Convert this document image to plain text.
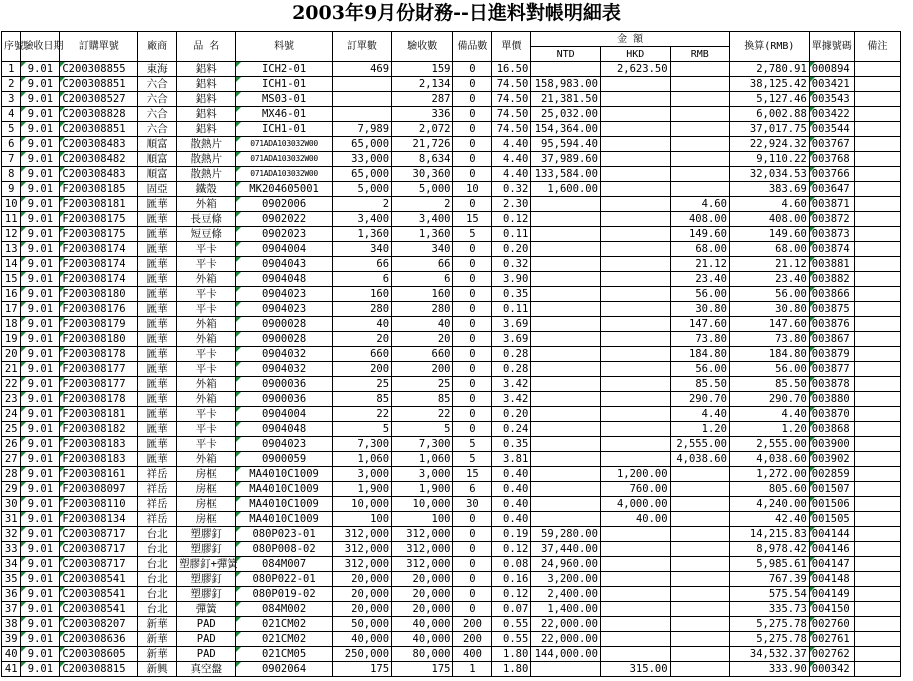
2003年9月份財務--日進料對帳明細表
序號	驗收日期	訂購單號	廠商	品 名	料號	訂單數	驗收數	備品數	單價	金 額			換算(RMB)	單據號碼	備注
										NTD	HKD	RMB			
1	9.01	C200308855	東海	鋁料	ICH2-01	469	159	0	16.50		2,623.50		2,780.91	000894	
2	9.01	C200308851	六合	鋁料	ICH1-01		2,134	0	74.50	158,983.00			38,125.42	003421	
3	9.01	C200308527	六合	鋁料	MS03-01		287	0	74.50	21,381.50			5,127.46	003543	
4	9.01	C200308828	六合	鋁料	MX46-01		336	0	74.50	25,032.00			6,002.88	003422	
5	9.01	C200308851	六合	鋁料	ICH1-01	7,989	2,072	0	74.50	154,364.00			37,017.75	003544	
6	9.01	C200308483	順富	散熱片	071ADA103032W00	65,000	21,726	0	4.40	95,594.40			22,924.32	003767	
7	9.01	C200308482	順富	散熱片	071ADA103032W00	33,000	8,634	0	4.40	37,989.60			9,110.22	003768	
8	9.01	C200308483	順富	散熱片	071ADA103032W00	65,000	30,360	0	4.40	133,584.00			32,034.53	003766	
9	9.01	F200308185	固亞	鐵殼	MK204605001	5,000	5,000	10	0.32	1,600.00			383.69	003647	
10	9.01	F200308181	匯華	外箱	0902006	2	2	0	2.30			4.60	4.60	003871	
11	9.01	F200308175	匯華	長豆條	0902022	3,400	3,400	15	0.12			408.00	408.00	003872	
12	9.01	F200308175	匯華	短豆條	0902023	1,360	1,360	5	0.11			149.60	149.60	003873	
13	9.01	F200308174	匯華	平卡	0904004	340	340	0	0.20			68.00	68.00	003874	
14	9.01	F200308174	匯華	平卡	0904043	66	66	0	0.32			21.12	21.12	003881	
15	9.01	F200308174	匯華	外箱	0904048	6	6	0	3.90			23.40	23.40	003882	
16	9.01	F200308180	匯華	平卡	0904023	160	160	0	0.35			56.00	56.00	003866	
17	9.01	F200308176	匯華	平卡	0904023	280	280	0	0.11			30.80	30.80	003875	
18	9.01	F200308179	匯華	外箱	0900028	40	40	0	3.69			147.60	147.60	003876	
19	9.01	F200308180	匯華	外箱	0900028	20	20	0	3.69			73.80	73.80	003867	
20	9.01	F200308178	匯華	平卡	0904032	660	660	0	0.28			184.80	184.80	003879	
21	9.01	F200308177	匯華	平卡	0904032	200	200	0	0.28			56.00	56.00	003877	
22	9.01	F200308177	匯華	外箱	0900036	25	25	0	3.42			85.50	85.50	003878	
23	9.01	F200308178	匯華	外箱	0900036	85	85	0	3.42			290.70	290.70	003880	
24	9.01	F200308181	匯華	平卡	0904004	22	22	0	0.20			4.40	4.40	003870	
25	9.01	F200308182	匯華	平卡	0904048	5	5	0	0.24			1.20	1.20	003868	
26	9.01	F200308183	匯華	平卡	0904023	7,300	7,300	5	0.35			2,555.00	2,555.00	003900	
27	9.01	F200308183	匯華	外箱	0900059	1,060	1,060	5	3.81			4,038.60	4,038.60	003902	
28	9.01	F200308161	祥岳	房框	MA4010C1009	3,000	3,000	15	0.40		1,200.00		1,272.00	002859	
29	9.01	F200308097	祥岳	房框	MA4010C1009	1,900	1,900	6	0.40		760.00		805.60	001507	
30	9.01	F200308110	祥岳	房框	MA4010C1009	10,000	10,000	30	0.40		4,000.00		4,240.00	001506	
31	9.01	F200308134	祥岳	房框	MA4010C1009	100	100	0	0.40		40.00		42.40	001505	
32	9.01	C200308717	台北	塑膠釘	080P023-01	312,000	312,000	0	0.19	59,280.00			14,215.83	004144	
33	9.01	C200308717	台北	塑膠釘	080P008-02	312,000	312,000	0	0.12	37,440.00			8,978.42	004146	
34	9.01	C200308717	台北	塑膠釘+彈簧	084M007	312,000	312,000	0	0.08	24,960.00			5,985.61	004147	
35	9.01	C200308541	台北	塑膠釘	080P022-01	20,000	20,000	0	0.16	3,200.00			767.39	004148	
36	9.01	C200308541	台北	塑膠釘	080P019-02	20,000	20,000	0	0.12	2,400.00			575.54	004149	
37	9.01	C200308541	台北	彈簧	084M002	20,000	20,000	0	0.07	1,400.00			335.73	004150	
38	9.01	C200308207	新華	PAD	021CM02	50,000	40,000	200	0.55	22,000.00			5,275.78	002760	
39	9.01	C200308636	新華	PAD	021CM02	40,000	40,000	200	0.55	22,000.00			5,275.78	002761	
40	9.01	C200308605	新華	PAD	021CM05	250,000	80,000	400	1.80	144,000.00			34,532.37	002762	
41	9.01	C200308815	新興	真空盤	0902064	175	175	1	1.80		315.00		333.90	000342	
